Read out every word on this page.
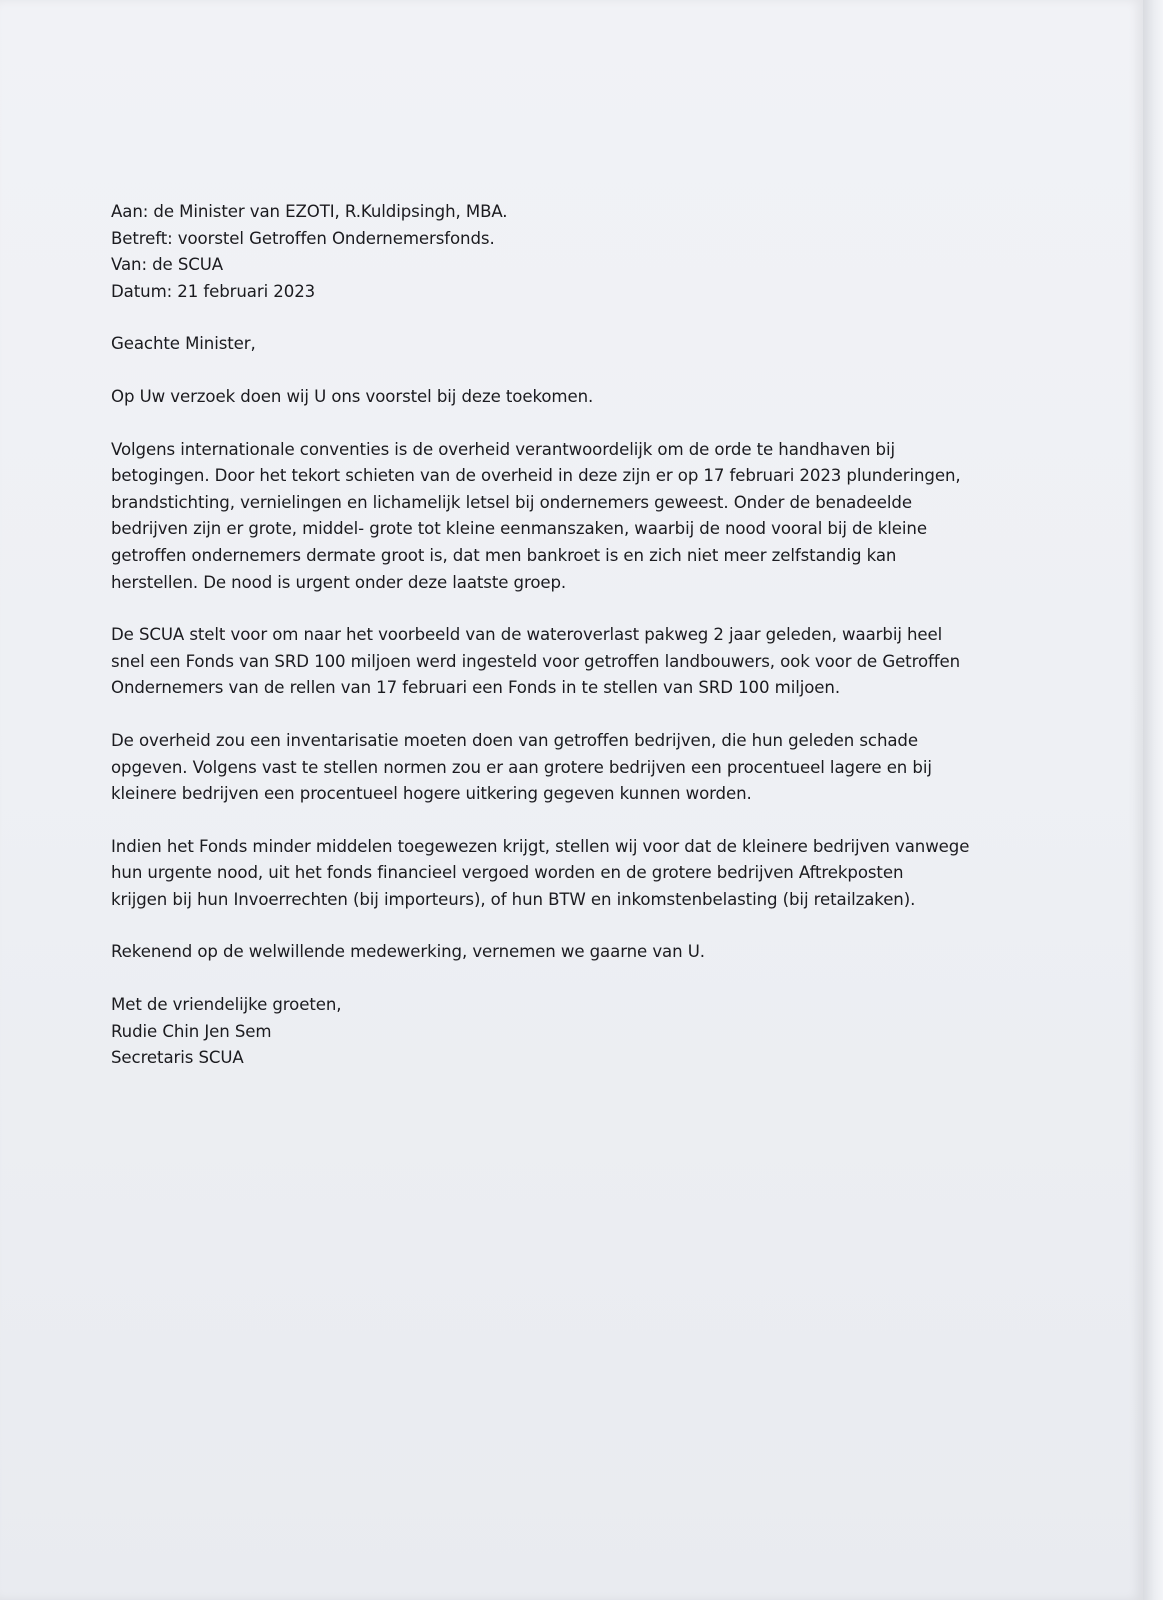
Aan: de Minister van EZOTI, R.Kuldipsingh, MBA.

Betreft: voorstel Getroffen Ondernemersfonds.

Van: de SCUA

Datum: 21 februari 2023

Geachte Minister,

Op Uw verzoek doen wij U ons voorstel bij deze toekomen.

Volgens internationale conventies is de overheid verantwoordelijk om de orde te handhaven bij
betogingen. Door het tekort schieten van de overheid in deze zijn er op 17 februari 2023 plunderingen,
brandstichting, vernielingen en lichamelijk letsel bij ondernemers geweest. Onder de benadeelde
bedrijven zijn er grote, middel- grote tot kleine eenmanszaken, waarbij de nood vooral bij de kleine
getroffen ondernemers dermate groot is, dat men bankroet is en zich niet meer zelfstandig kan
herstellen. De nood is urgent onder deze laatste groep.

De SCUA stelt voor om naar het voorbeeld van de wateroverlast pakweg 2 jaar geleden, waarbij heel
snel een Fonds van SRD 100 miljoen werd ingesteld voor getroffen landbouwers, ook voor de Getroffen
Ondernemers van de rellen van 17 februari een Fonds in te stellen van SRD 100 miljoen.

De overheid zou een inventarisatie moeten doen van getroffen bedrijven, die hun geleden schade
opgeven. Volgens vast te stellen normen zou er aan grotere bedrijven een procentueel lagere en bij
kleinere bedrijven een procentueel hogere uitkering gegeven kunnen worden.

Indien het Fonds minder middelen toegewezen krijgt, stellen wij voor dat de kleinere bedrijven vanwege
hun urgente nood, uit het fonds financieel vergoed worden en de grotere bedrijven Aftrekposten
krijgen bij hun Invoerrechten (bij importeurs), of hun BTW en inkomstenbelasting (bij retailzaken).

Rekenend op de welwillende medewerking, vernemen we gaarne van U.

Met de vriendelijke groeten,

Rudie Chin Jen Sem

Secretaris SCUA
